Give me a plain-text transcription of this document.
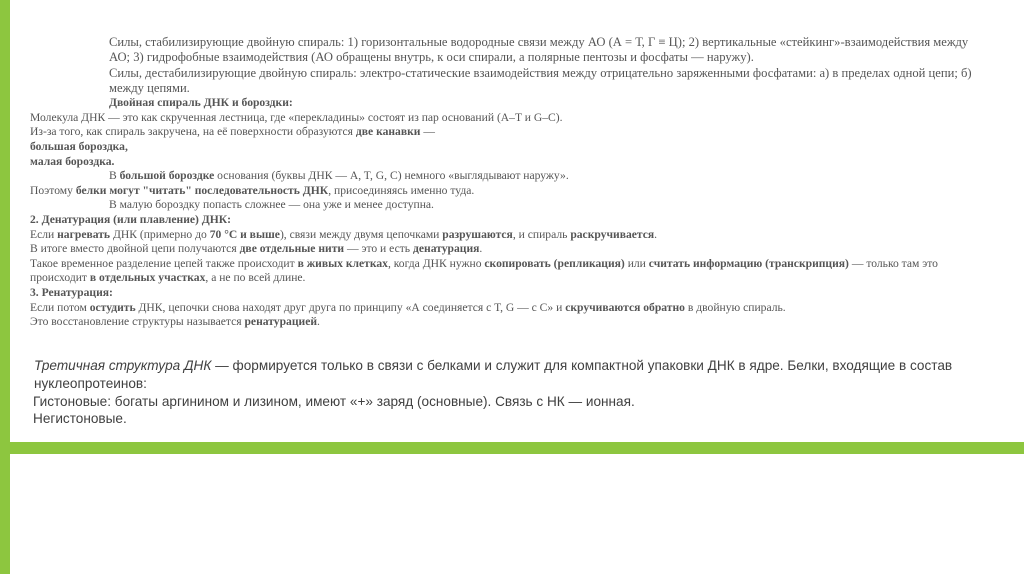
Силы, стабилизирующие двойную спираль: 1) горизонтальные водородные связи между АО (А = Т, Г ≡ Ц); 2) вертикальные «стейкинг»-взаимодействия между АО; 3) гидрофобные взаимодействия (АО обращены внутрь, к оси спирали, а полярные пентозы и фосфаты — наружу).

Силы, дестабилизирующие двойную спираль: электро-статические взаимодействия между отрицательно заряженными фосфатами: а) в пределах одной цепи; б) между цепями.

Двойная спираль ДНК и бороздки:

Молекула ДНК — это как скрученная лестница, где «перекладины» состоят из пар оснований (A–T и G–C).

Из-за того, как спираль закручена, на её поверхности образуются две канавки —

большая бороздка,

малая бороздка.

В большой бороздке основания (буквы ДНК — A, T, G, C) немного «выглядывают наружу».

Поэтому белки могут "читать" последовательность ДНК, присоединяясь именно туда.

В малую бороздку попасть сложнее — она уже и менее доступна.

2. Денатурация (или плавление) ДНК:

Если нагревать ДНК (примерно до 70 °С и выше), связи между двумя цепочками разрушаются, и спираль раскручивается.

В итоге вместо двойной цепи получаются две отдельные нити — это и есть денатурация.

Такое временное разделение цепей также происходит в живых клетках, когда ДНК нужно скопировать (репликация) или считать информацию (транскрипция) — только там это происходит в отдельных участках, а не по всей длине.

3. Ренатурация:

Если потом остудить ДНК, цепочки снова находят друг друга по принципу «А соединяется с Т, G — с С» и скручиваются обратно в двойную спираль.

Это восстановление структуры называется ренатурацией.

Третичная структура ДНК — формируется только в связи с белками и служит для компактной упаковки ДНК в ядре. Белки, входящие в состав нуклеопротеинов:

Гистоновые: богаты аргинином и лизином, имеют «+» заряд (основные). Связь с НК — ионная.

Негистоновые.
